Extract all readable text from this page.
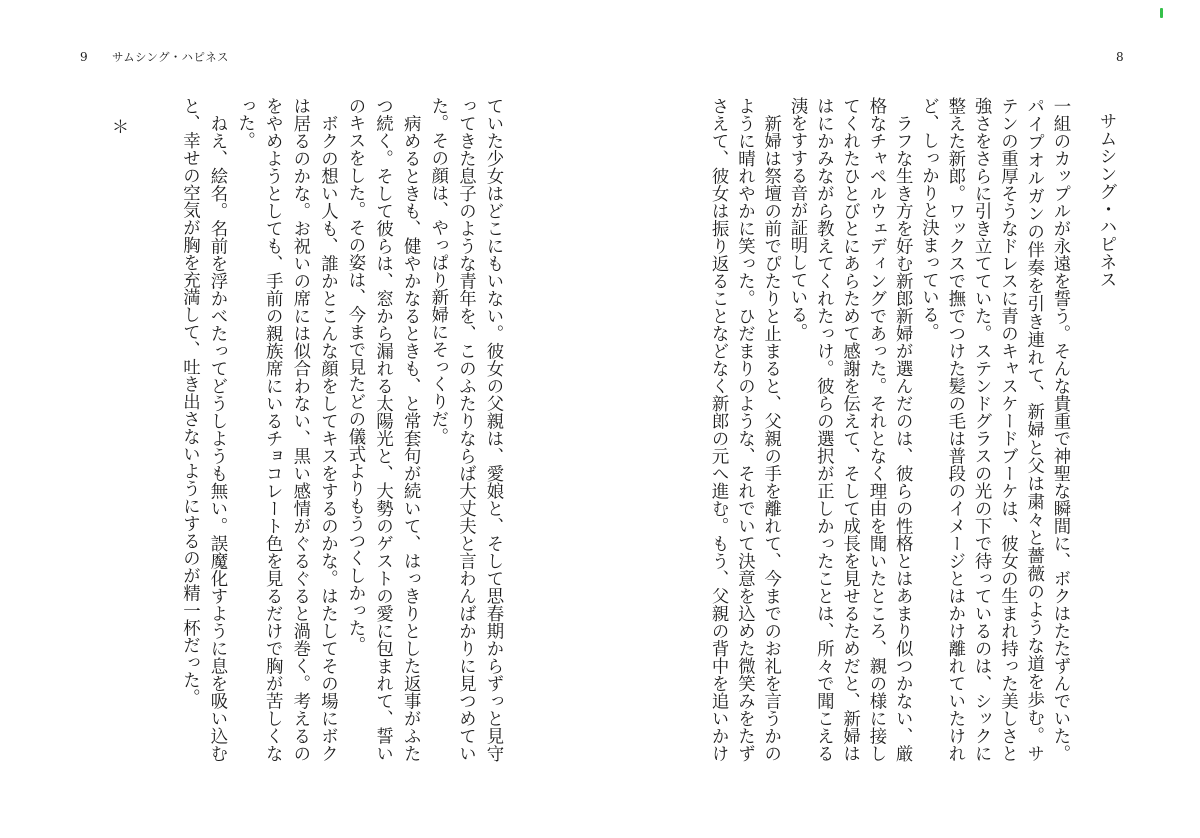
9 サムシング・ハピネス
ていた少女はどこにもいない。彼女の父親は、愛娘と、そして思春期からずっと見守
ってきた息子のような青年を、このふたりならば大丈夫と言わんばかりに見つめてい
た。その顔は、やっぱり新婦にそっくりだ。
　病めるときも、健やかなるときも、と常套句が続いて、はっきりとした返事がふた
つ続く。そして彼らは、窓から漏れる太陽光と、大勢のゲストの愛に包まれて、誓い
のキスをした。その姿は、今まで見たどの儀式よりもうつくしかった。
　ボクの想い人も、誰かとこんな顔をしてキスをするのかな。はたしてその場にボク
は居るのかな。お祝いの席には似合わない、黒い感情がぐるぐると渦巻く。考えるの
をやめようとしても、手前の親族席にいるチョコレート色を見るだけで胸が苦しくな
った。
　ねえ、絵名。名前を浮かべたってどうしようも無い。誤魔化すように息を吸い込む
と、幸せの空気が胸を充満して、吐き出さないようにするのが精一杯だった。
＊
8
サムシング・ハピネス
一組のカップルが永遠を誓う。そんな貴重で神聖な瞬間に、ボクはたたずんでいた。
パイプオルガンの伴奏を引き連れて、新婦と父は粛々と薔薇のような道を歩む。サ
テンの重厚そうなドレスに青のキャスケードブーケは、彼女の生まれ持った美しさと
強さをさらに引き立てていた。ステンドグラスの光の下で待っているのは、シックに
整えた新郎。ワックスで撫でつけた髪の毛は普段のイメージとはかけ離れていたけれ
ど、しっかりと決まっている。
　ラフな生き方を好む新郎新婦が選んだのは、彼らの性格とはあまり似つかない、厳
格なチャペルウェディングであった。それとなく理由を聞いたところ、親の様に接し
てくれたひとびとにあらためて感謝を伝えて、そして成長を見せるためだと、新婦は
はにかみながら教えてくれたっけ。彼らの選択が正しかったことは、所々で聞こえる
洟をすする音が証明している。
　新婦は祭壇の前でぴたりと止まると、父親の手を離れて、今までのお礼を言うかの
ように晴れやかに笑った。ひだまりのような、それでいて決意を込めた微笑みをたず
さえて、彼女は振り返ることなどなく新郎の元へ進む。もう、父親の背中を追いかけ
